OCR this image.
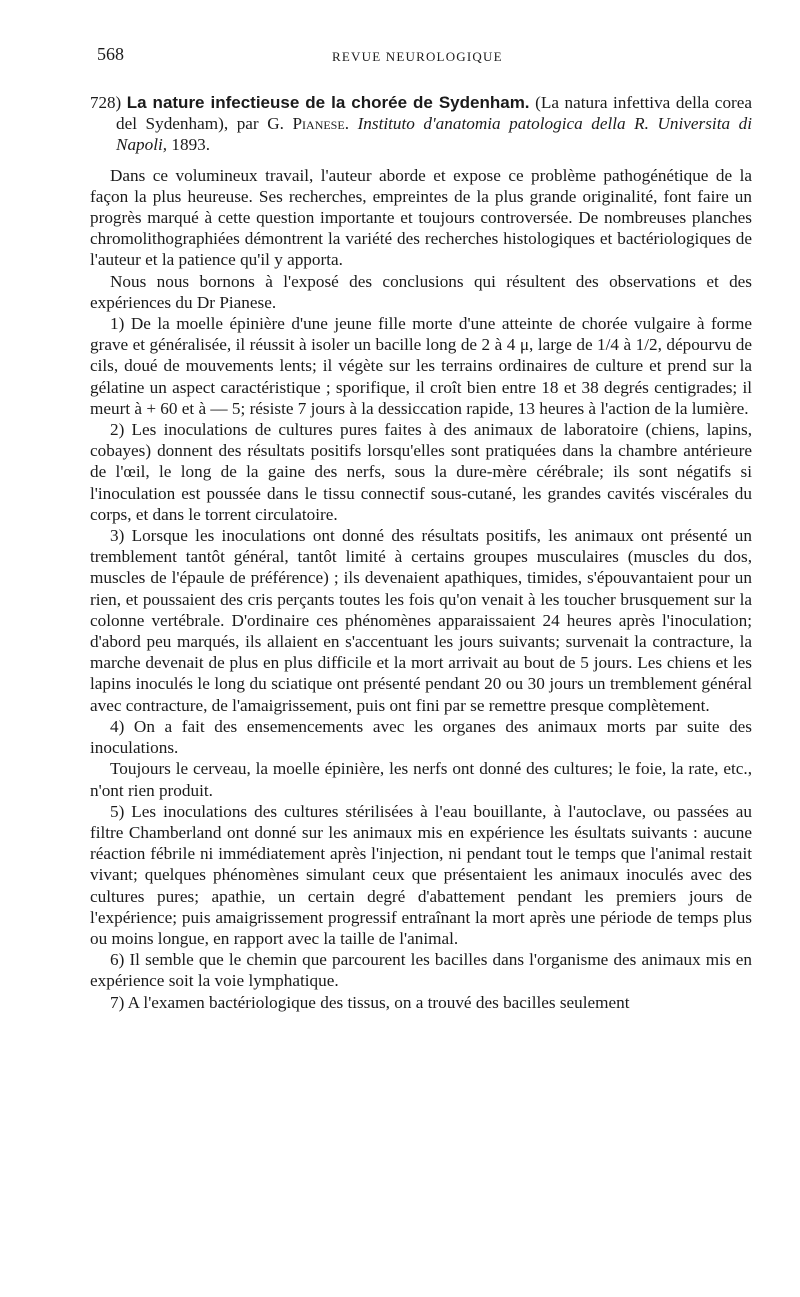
568	REVUE NEUROLOGIQUE

728) La nature infectieuse de la chorée de Sydenham. (La natura infettiva della corea del Sydenham), par G. Pianese. Instituto d'anatomia patologica della R. Universita di Napoli, 1893.

Dans ce volumineux travail, l'auteur aborde et expose ce problème pathogénétique de la façon la plus heureuse. Ses recherches, empreintes de la plus grande originalité, font faire un progrès marqué à cette question importante et toujours controversée. De nombreuses planches chromolithographiées démontrent la variété des recherches histologiques et bactériologiques de l'auteur et la patience qu'il y apporta.

Nous nous bornons à l'exposé des conclusions qui résultent des observations et des expériences du Dr Pianese.

1) De la moelle épinière d'une jeune fille morte d'une atteinte de chorée vulgaire à forme grave et généralisée, il réussit à isoler un bacille long de 2 à 4 μ, large de 1/4 à 1/2, dépourvu de cils, doué de mouvements lents; il végète sur les terrains ordinaires de culture et prend sur la gélatine un aspect caractéristique ; sporifique, il croît bien entre 18 et 38 degrés centigrades; il meurt à + 60 et à — 5; résiste 7 jours à la dessiccation rapide, 13 heures à l'action de la lumière.

2) Les inoculations de cultures pures faites à des animaux de laboratoire (chiens, lapins, cobayes) donnent des résultats positifs lorsqu'elles sont pratiquées dans la chambre antérieure de l'œil, le long de la gaine des nerfs, sous la dure-mère cérébrale; ils sont négatifs si l'inoculation est poussée dans le tissu connectif sous-cutané, les grandes cavités viscérales du corps, et dans le torrent circulatoire.

3) Lorsque les inoculations ont donné des résultats positifs, les animaux ont présenté un tremblement tantôt général, tantôt limité à certains groupes musculaires (muscles du dos, muscles de l'épaule de préférence) ; ils devenaient apathiques, timides, s'épouvantaient pour un rien, et poussaient des cris perçants toutes les fois qu'on venait à les toucher brusquement sur la colonne vertébrale. D'ordinaire ces phénomènes apparaissaient 24 heures après l'inoculation; d'abord peu marqués, ils allaient en s'accentuant les jours suivants; survenait la contracture, la marche devenait de plus en plus difficile et la mort arrivait au bout de 5 jours. Les chiens et les lapins inoculés le long du sciatique ont présenté pendant 20 ou 30 jours un tremblement général avec contracture, de l'amaigrissement, puis ont fini par se remettre presque complètement.

4) On a fait des ensemencements avec les organes des animaux morts par suite des inoculations.

Toujours le cerveau, la moelle épinière, les nerfs ont donné des cultures; le foie, la rate, etc., n'ont rien produit.

5) Les inoculations des cultures stérilisées à l'eau bouillante, à l'autoclave, ou passées au filtre Chamberland ont donné sur les animaux mis en expérience les ésultats suivants : aucune réaction fébrile ni immédiatement après l'injection, ni pendant tout le temps que l'animal restait vivant; quelques phénomènes simulant ceux que présentaient les animaux inoculés avec des cultures pures; apathie, un certain degré d'abattement pendant les premiers jours de l'expérience; puis amaigrissement progressif entraînant la mort après une période de temps plus ou moins longue, en rapport avec la taille de l'animal.

6) Il semble que le chemin que parcourent les bacilles dans l'organisme des animaux mis en expérience soit la voie lymphatique.

7) A l'examen bactériologique des tissus, on a trouvé des bacilles seulement
